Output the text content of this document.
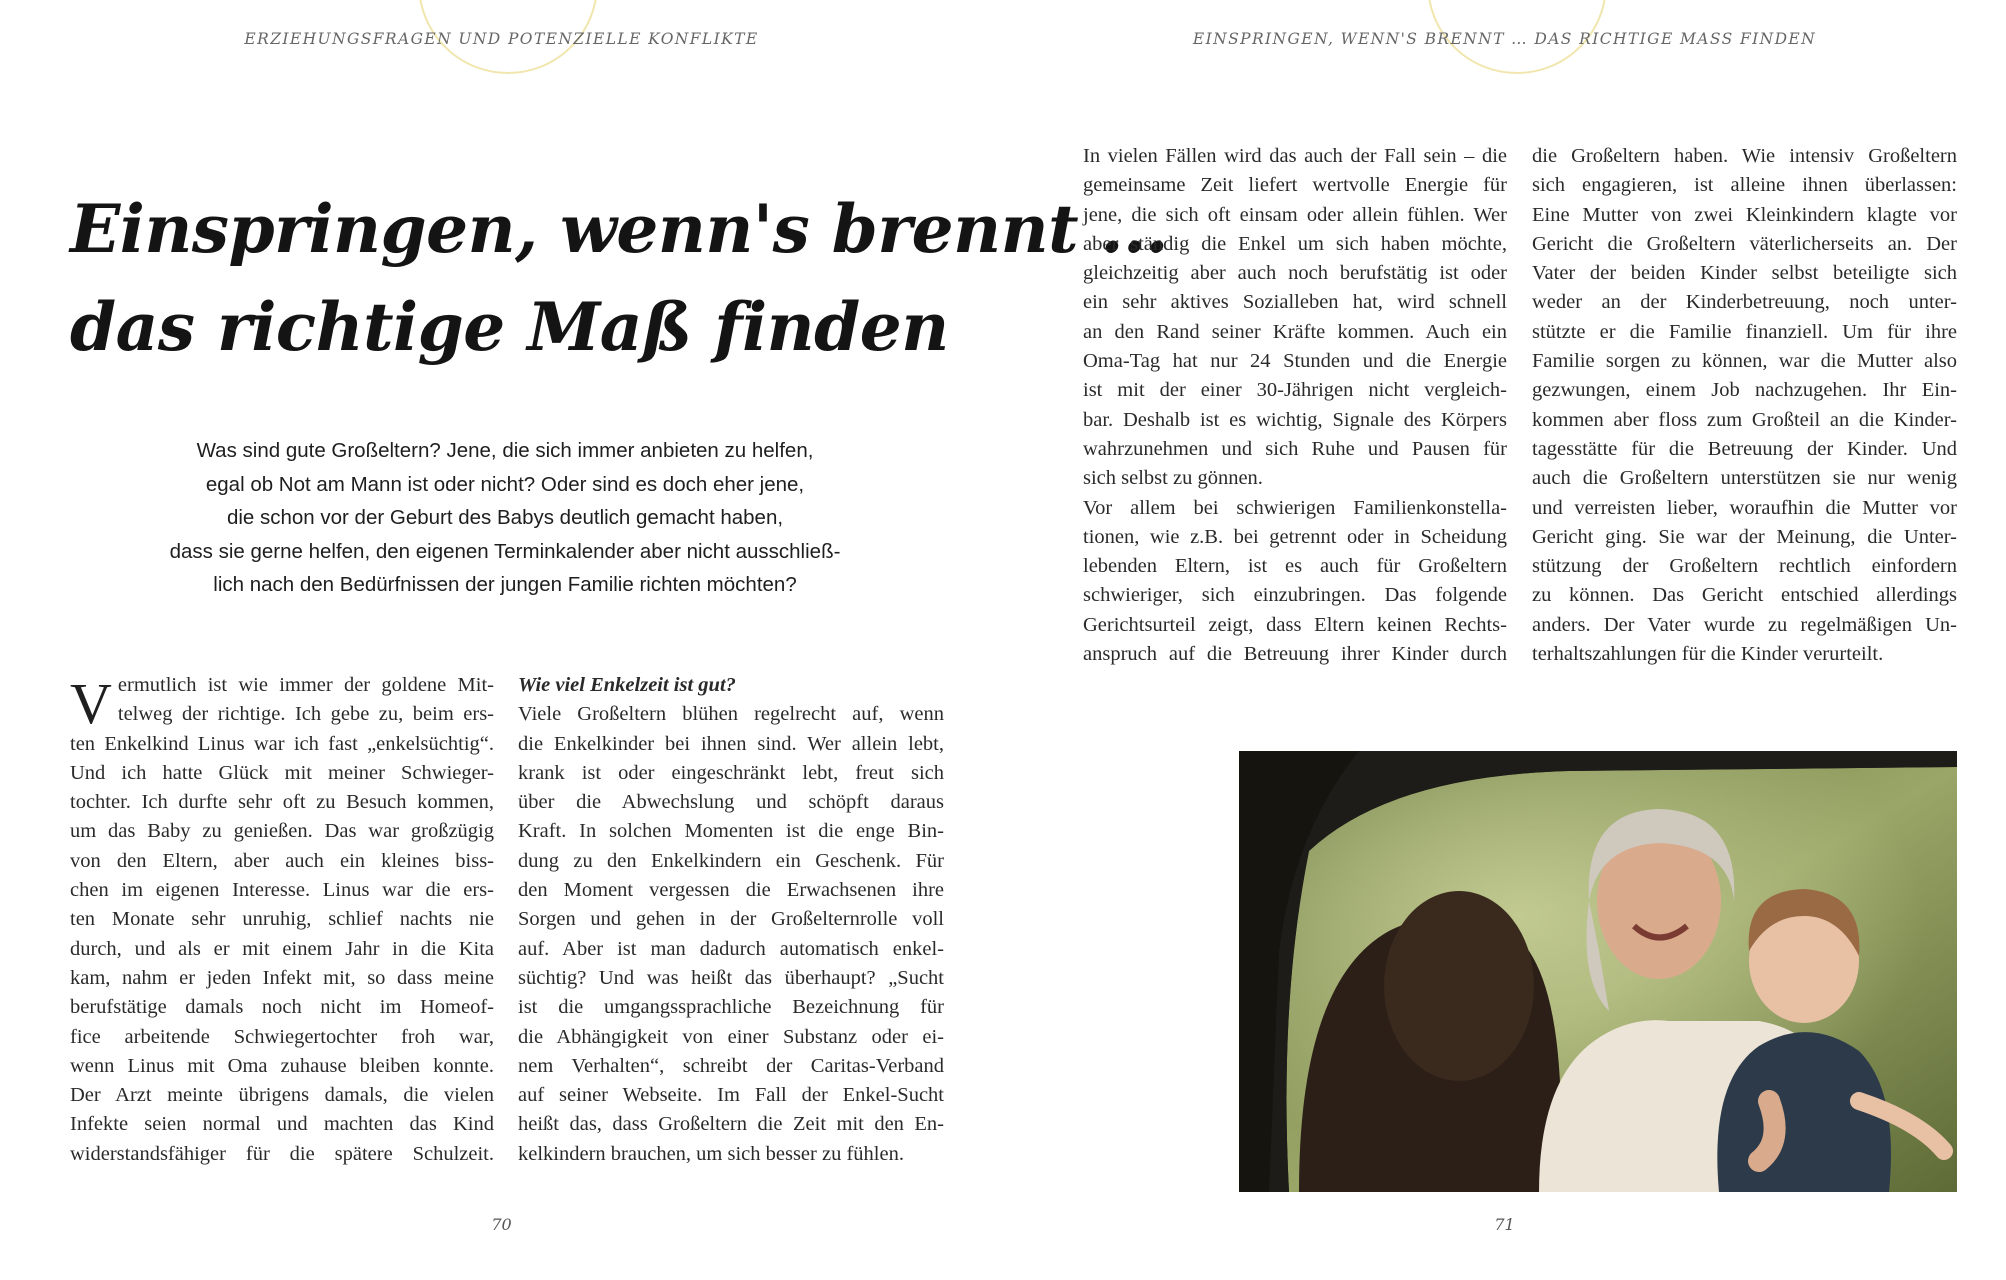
ERZIEHUNGSFRAGEN UND POTENZIELLE KONFLIKTE
Einspringen, wenn's brennt ...
das richtige Maß finden
Was sind gute Großeltern? Jene, die sich immer anbieten zu helfen,
egal ob Not am Mann ist oder nicht? Oder sind es doch eher jene,
die schon vor der Geburt des Babys deutlich gemacht haben,
dass sie gerne helfen, den eigenen Terminkalender aber nicht ausschließ-
lich nach den Bedürfnissen der jungen Familie richten möchten?
V ermutlich ist wie immer der goldene Mit-
telweg der richtige. Ich gebe zu, beim ers-
ten Enkelkind Linus war ich fast „enkelsüchtig“.
Und ich hatte Glück mit meiner Schwieger-
tochter. Ich durfte sehr oft zu Besuch kommen,
um das Baby zu genießen. Das war großzügig
von den Eltern, aber auch ein kleines biss-
chen im eigenen Interesse. Linus war die ers-
ten Monate sehr unruhig, schlief nachts nie
durch, und als er mit einem Jahr in die Kita
kam, nahm er jeden Infekt mit, so dass meine
berufstätige damals noch nicht im Homeof-
fice arbeitende Schwiegertochter froh war,
wenn Linus mit Oma zuhause bleiben konnte.
Der Arzt meinte übrigens damals, die vielen
Infekte seien normal und machten das Kind
widerstandsfähiger für die spätere Schulzeit.
Wie viel Enkelzeit ist gut?
Viele Großeltern blühen regelrecht auf, wenn
die Enkelkinder bei ihnen sind. Wer allein lebt,
krank ist oder eingeschränkt lebt, freut sich
über die Abwechslung und schöpft daraus
Kraft. In solchen Momenten ist die enge Bin-
dung zu den Enkelkindern ein Geschenk. Für
den Moment vergessen die Erwachsenen ihre
Sorgen und gehen in der Großelternrolle voll
auf. Aber ist man dadurch automatisch enkel-
süchtig? Und was heißt das überhaupt? „Sucht
ist die umgangssprachliche Bezeichnung für
die Abhängigkeit von einer Substanz oder ei-
nem Verhalten“, schreibt der Caritas-Verband
auf seiner Webseite. Im Fall der Enkel-Sucht
heißt das, dass Großeltern die Zeit mit den En-
kelkindern brauchen, um sich besser zu fühlen.
70
EINSPRINGEN, WENN'S BRENNT … DAS RICHTIGE MASS FINDEN
In vielen Fällen wird das auch der Fall sein – die
gemeinsame Zeit liefert wertvolle Energie für
jene, die sich oft einsam oder allein fühlen. Wer
aber ständig die Enkel um sich haben möchte,
gleichzeitig aber auch noch berufstätig ist oder
ein sehr aktives Sozialleben hat, wird schnell
an den Rand seiner Kräfte kommen. Auch ein
Oma-Tag hat nur 24 Stunden und die Energie
ist mit der einer 30-Jährigen nicht vergleich-
bar. Deshalb ist es wichtig, Signale des Körpers
wahrzunehmen und sich Ruhe und Pausen für
sich selbst zu gönnen.
Vor allem bei schwierigen Familienkonstella-
tionen, wie z.B. bei getrennt oder in Scheidung
lebenden Eltern, ist es auch für Großeltern
schwieriger, sich einzubringen. Das folgende
Gerichtsurteil zeigt, dass Eltern keinen Rechts-
anspruch auf die Betreuung ihrer Kinder durch
die Großeltern haben. Wie intensiv Großeltern
sich engagieren, ist alleine ihnen überlassen:
Eine Mutter von zwei Kleinkindern klagte vor
Gericht die Großeltern väterlicherseits an. Der
Vater der beiden Kinder selbst beteiligte sich
weder an der Kinderbetreuung, noch unter-
stützte er die Familie finanziell. Um für ihre
Familie sorgen zu können, war die Mutter also
gezwungen, einem Job nachzugehen. Ihr Ein-
kommen aber floss zum Großteil an die Kinder-
tagesstätte für die Betreuung der Kinder. Und
auch die Großeltern unterstützen sie nur wenig
und verreisten lieber, woraufhin die Mutter vor
Gericht ging. Sie war der Meinung, die Unter-
stützung der Großeltern rechtlich einfordern
zu können. Das Gericht entschied allerdings
anders. Der Vater wurde zu regelmäßigen Un-
terhaltszahlungen für die Kinder verurteilt.
71
